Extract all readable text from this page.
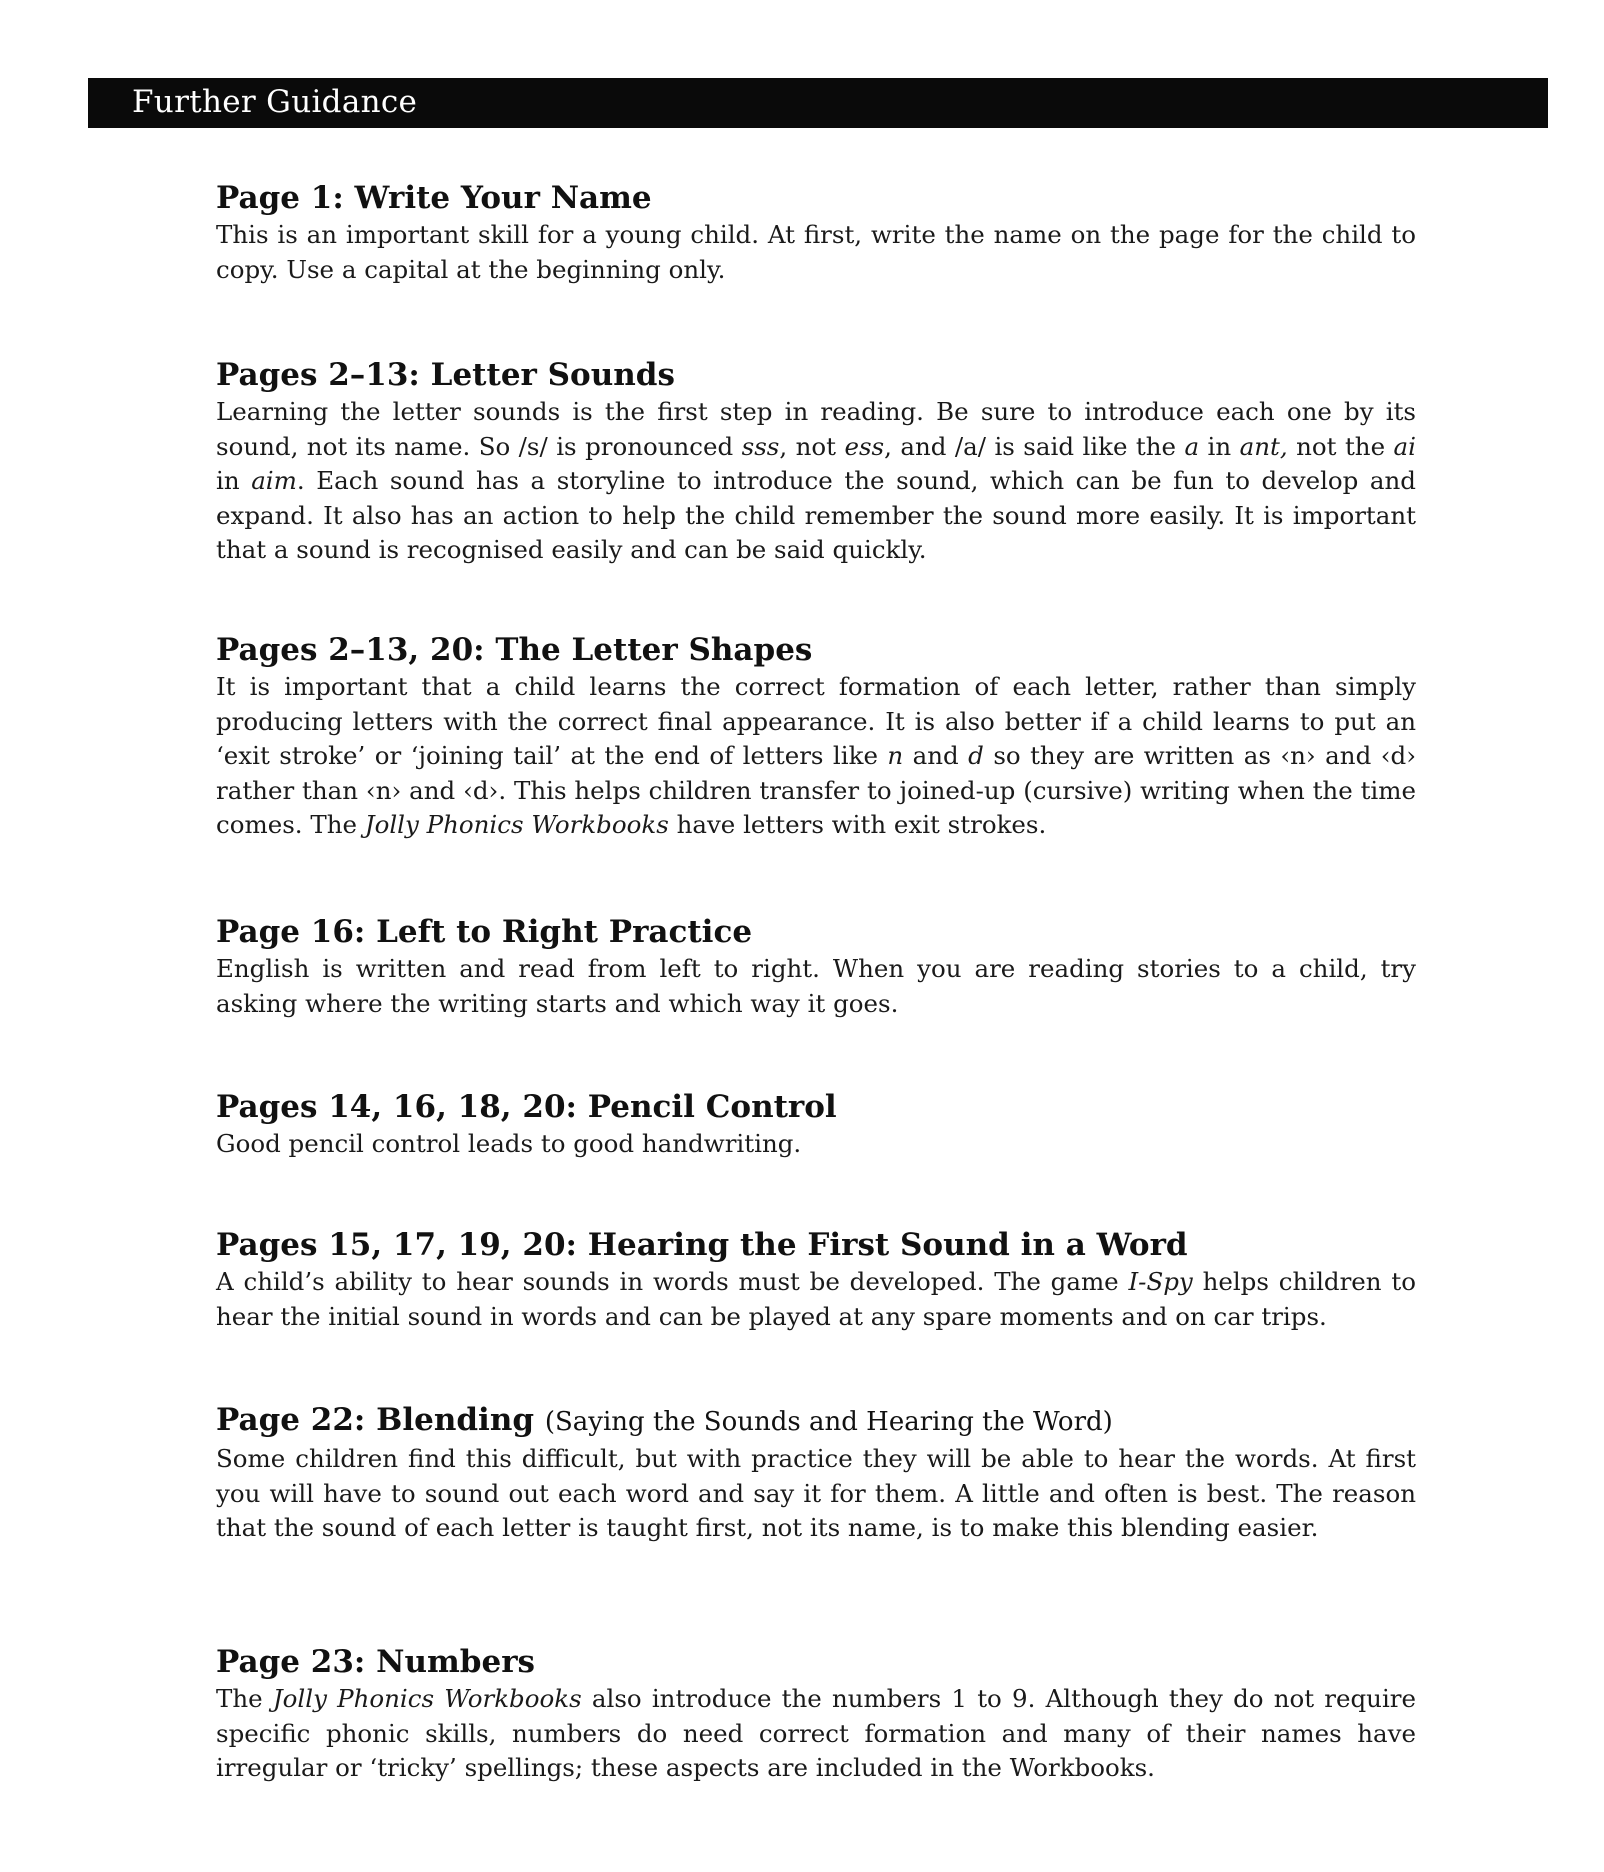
Further Guidance
Page 1: Write Your Name

This is an important skill for a young child. At first, write the name on the page for the child to copy. Use a capital at the beginning only.

Pages 2–13: Letter Sounds

Learning the letter sounds is the first step in reading. Be sure to introduce each one by its sound, not its name. So /s/ is pronounced sss, not ess, and /a/ is said like the a in ant, not the ai in aim. Each sound has a storyline to introduce the sound, which can be fun to develop and expand. It also has an action to help the child remember the sound more easily. It is important that a sound is recognised easily and can be said quickly.

Pages 2–13, 20: The Letter Shapes

It is important that a child learns the correct formation of each letter, rather than simply producing letters with the correct final appearance. It is also better if a child learns to put an ‘exit stroke’ or ‘joining tail’ at the end of letters like n and d so they are written as ‹n› and ‹d› rather than ‹n› and ‹d›. This helps children transfer to joined-up (cursive) writing when the time comes. The Jolly Phonics Workbooks have letters with exit strokes.

Page 16: Left to Right Practice

English is written and read from left to right. When you are reading stories to a child, try asking where the writing starts and which way it goes.

Pages 14, 16, 18, 20: Pencil Control

Good pencil control leads to good handwriting.

Pages 15, 17, 19, 20: Hearing the First Sound in a Word

A child’s ability to hear sounds in words must be developed. The game I-Spy helps children to hear the initial sound in words and can be played at any spare moments and on car trips.

Page 22: Blending (Saying the Sounds and Hearing the Word)

Some children find this difficult, but with practice they will be able to hear the words. At first you will have to sound out each word and say it for them. A little and often is best. The reason that the sound of each letter is taught first, not its name, is to make this blending easier.

Page 23: Numbers

The Jolly Phonics Workbooks also introduce the numbers 1 to 9. Although they do not require specific phonic skills, numbers do need correct formation and many of their names have irregular or ‘tricky’ spellings; these aspects are included in the Workbooks.
